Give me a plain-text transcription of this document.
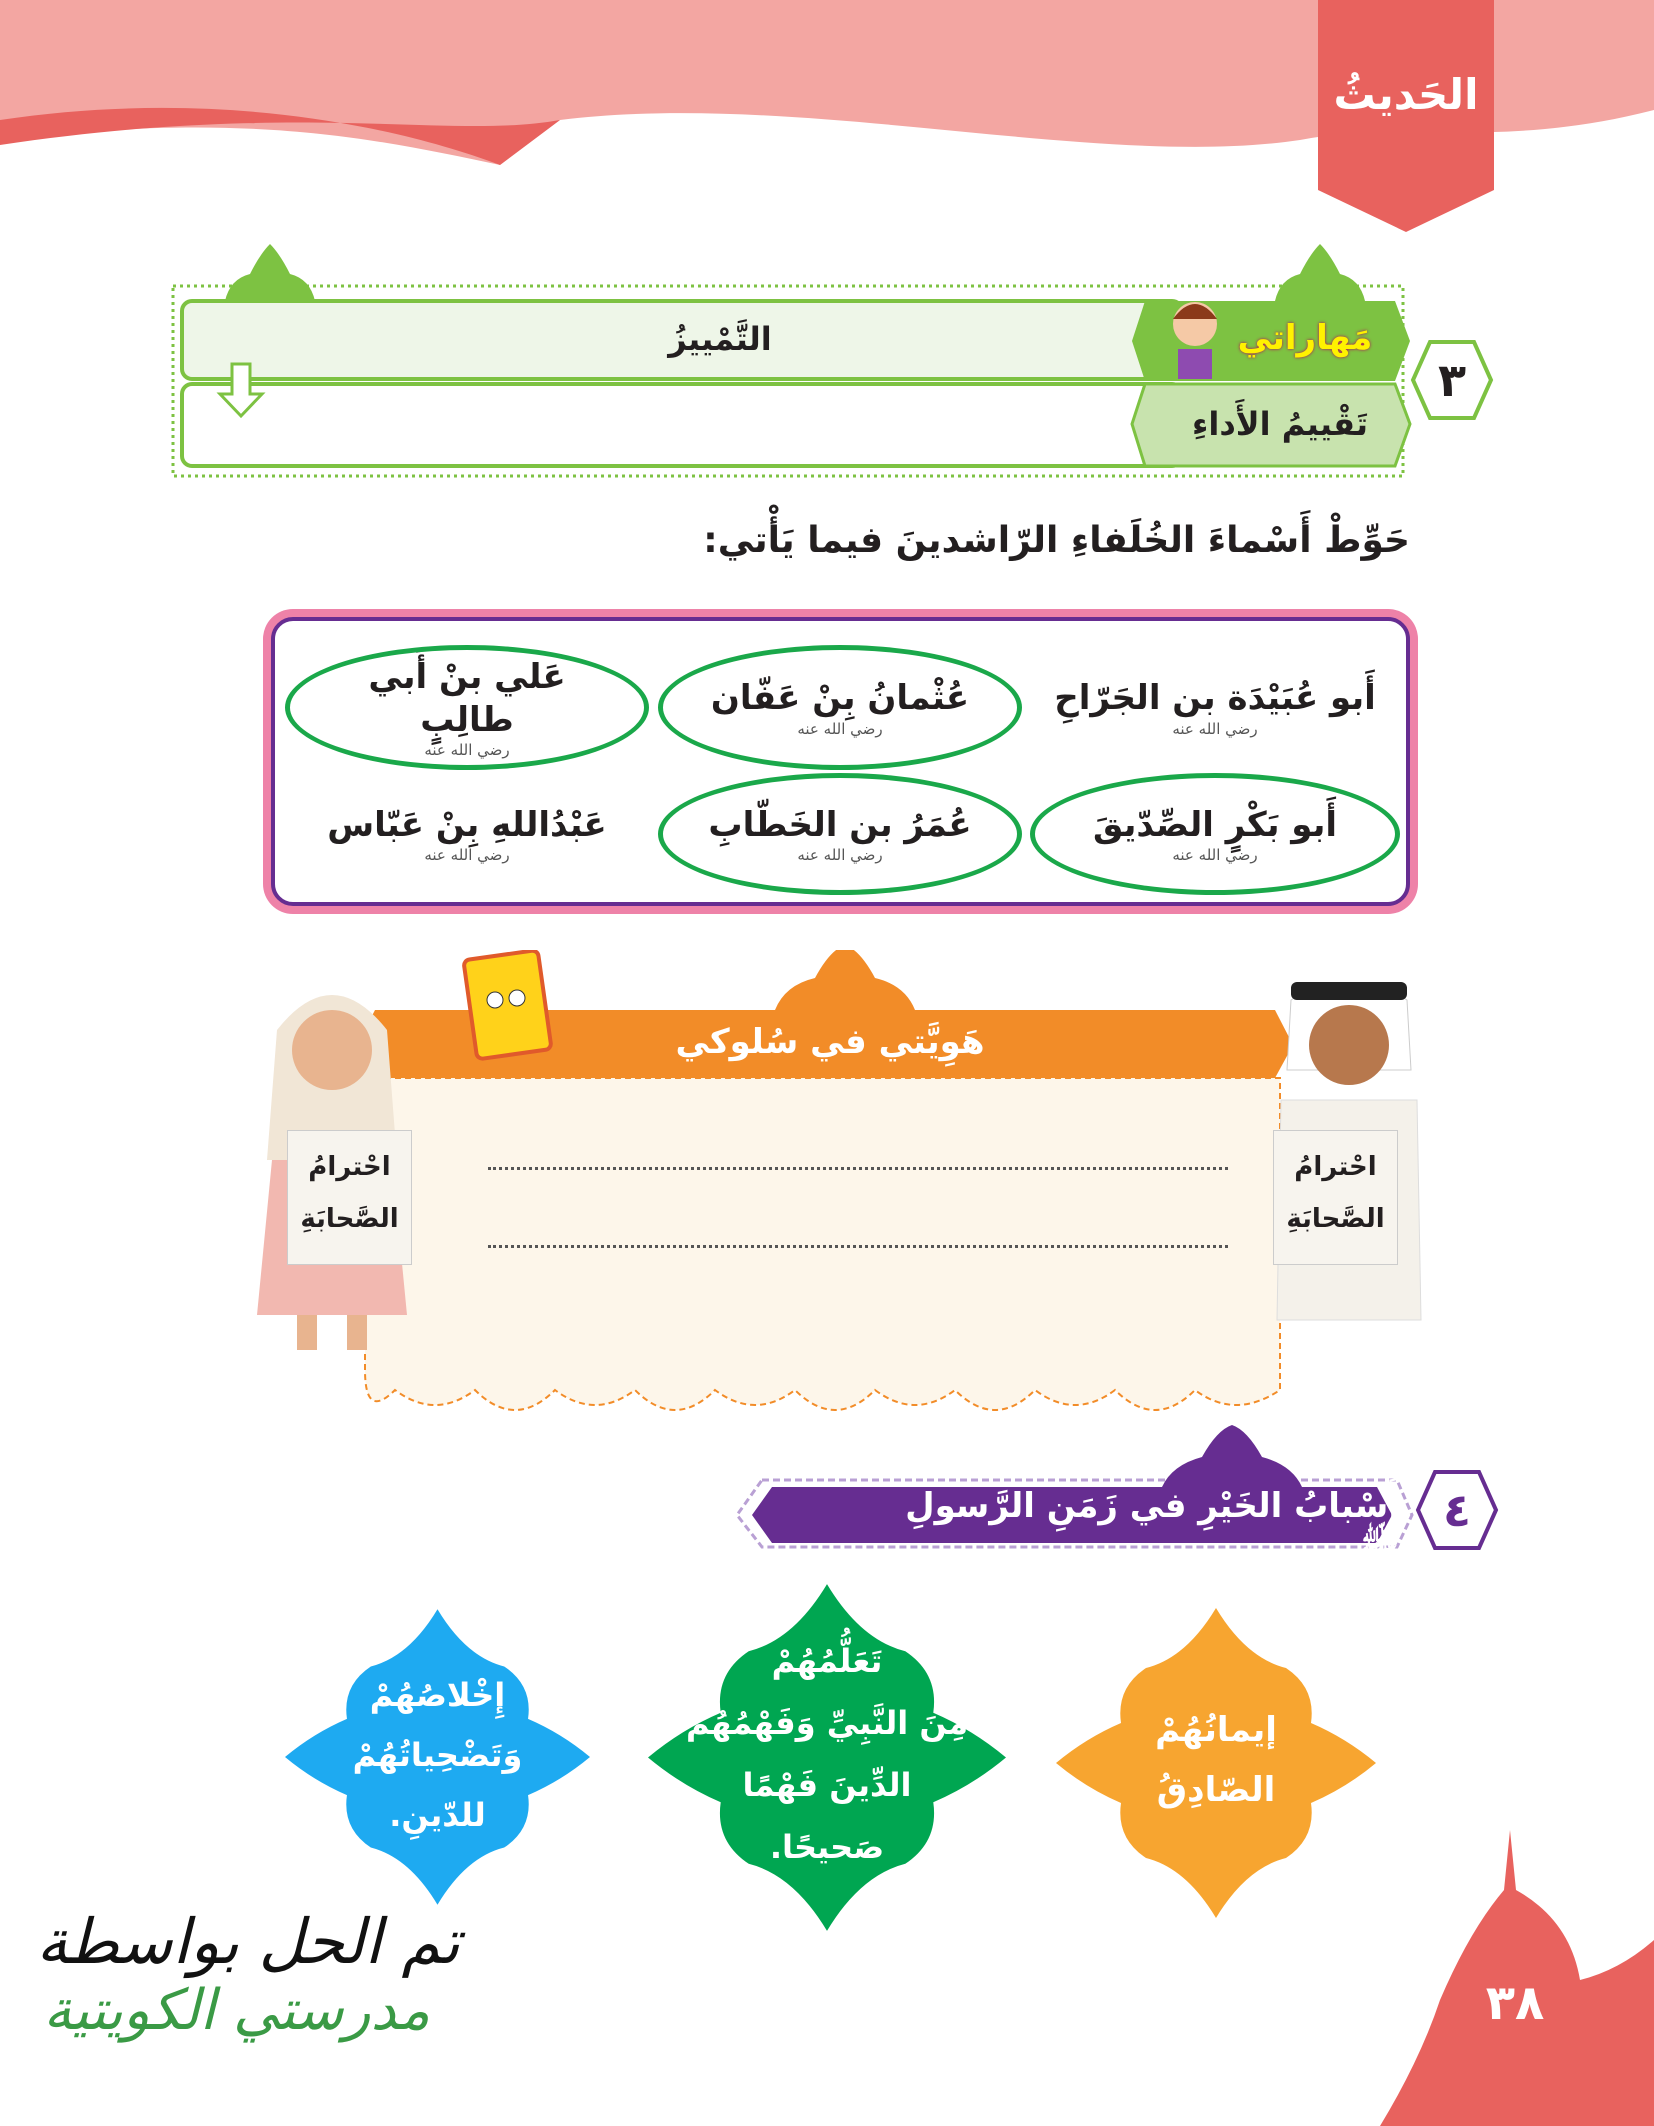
الحَديثُ
التَّمْييزُ	مَهاراتي
تَقْييمُ الأَداءِ
٣
حَوِّطْ أَسْماءَ الخُلَفاءِ الرّاشدينَ فيما يَأْتي:
أَبو عُبَيْدَة بن الجَرّاحِ
رضي الله عنه
عُثْمانُ بِنْ عَفّان
رضي الله عنه
عَلي بنْ أَبي طالِبٍ
رضي الله عنه
أَبو بَكْرٍ الصِّدّيقَ
رضي الله عنه
عُمَرُ بن الخَطّابِ
رضي الله عنه
عَبْدُاللهِ بِنْ عَبّاس
رضي الله عنه
هَوِيَّتي في سُلوكي
احْترامُ
الصَّحابَةِ
احْترامُ
الصَّحابَةِ
أَسْبابُ الخَيْرِ في زَمَنِ الرَّسولِ ﷺ.
٤
إيمانُهُمْ
الصّادِقُ
تَعَلُّمُهُمْ
مِنَ النَّبِيِّ وَفَهْمُهُمْ
الدِّينَ فَهْمًا
صَحيحًا.
إِخْلاصُهُمْ
وَتَضْحِياتُهُمْ
للدّينِ.
تم الحل بواسطة
مدرستي الكويتية	٣٨
